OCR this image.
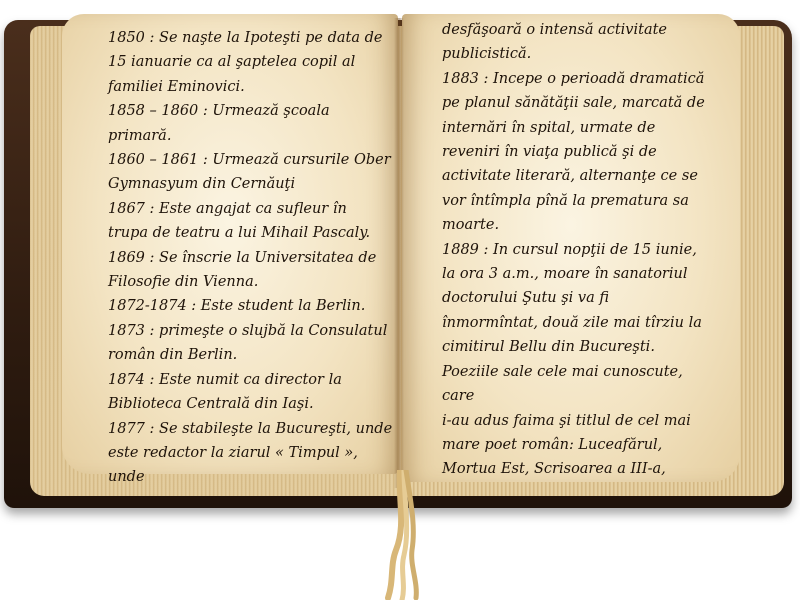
1850 : Se naşte la Ipoteşti pe data de
15 ianuarie ca al şaptelea copil al
familiei Eminovici.
1858 – 1860 : Urmează şcoala
primară.
1860 – 1861 : Urmează cursurile Ober
Gymnasyum din Cernăuţi
1867 : Este angajat ca sufleur în
trupa de teatru a lui Mihail Pascaly.
1869 : Se înscrie la Universitatea de
Filosofie din Vienna.
1872-1874 : Este student la Berlin.
1873 : primeşte o slujbă la Consulatul
român din Berlin.
1874 : Este numit ca director la
Biblioteca Centrală din Iaşi.
1877 : Se stabileşte la Bucureşti, unde
este redactor la ziarul « Timpul », unde

desfăşoară o intensă activitate
publicistică.
1883 : Incepe o perioadă dramatică
pe planul sănătăţii sale, marcată de
internări în spital, urmate de
reveniri în viaţa publică şi de
activitate literară, alternanţe ce se
vor întîmpla pînă la prematura sa
moarte.
1889 : In cursul nopţii de 15 iunie,
la ora 3 a.m., moare în sanatoriul
doctorului Şutu şi va fi
înmormîntat, două zile mai tîrziu la
cimitirul Bellu din Bucureşti.
Poeziile sale cele mai cunoscute, care
i-au adus faima şi titlul de cel mai
mare poet român: Luceafărul,
Mortua Est, Scrisoarea a III-a,
